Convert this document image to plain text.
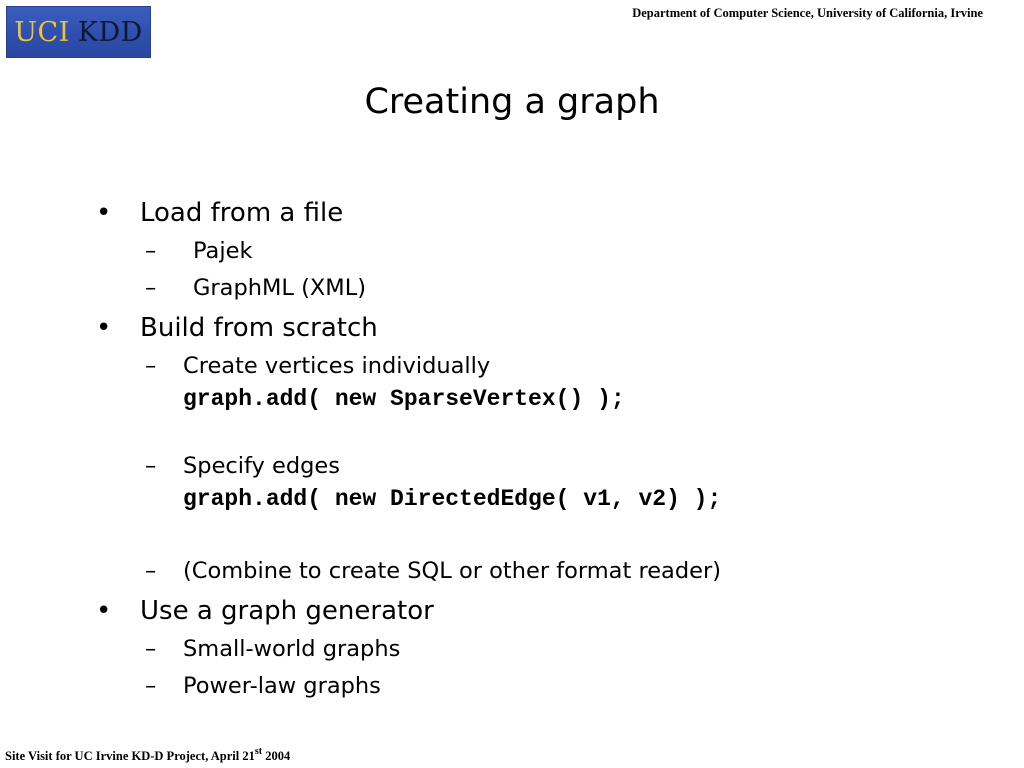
UCI KDD
Department of Computer Science, University of California, Irvine
Creating a graph
• Load from a file
– Pajek
– GraphML (XML)
• Build from scratch
– Create vertices individually
graph.add( new SparseVertex() );
– Specify edges
graph.add( new DirectedEdge( v1, v2) );
– (Combine to create SQL or other format reader)
• Use a graph generator
– Small-world graphs
– Power-law graphs
Site Visit for UC Irvine KD-D Project, April 21st 2004
